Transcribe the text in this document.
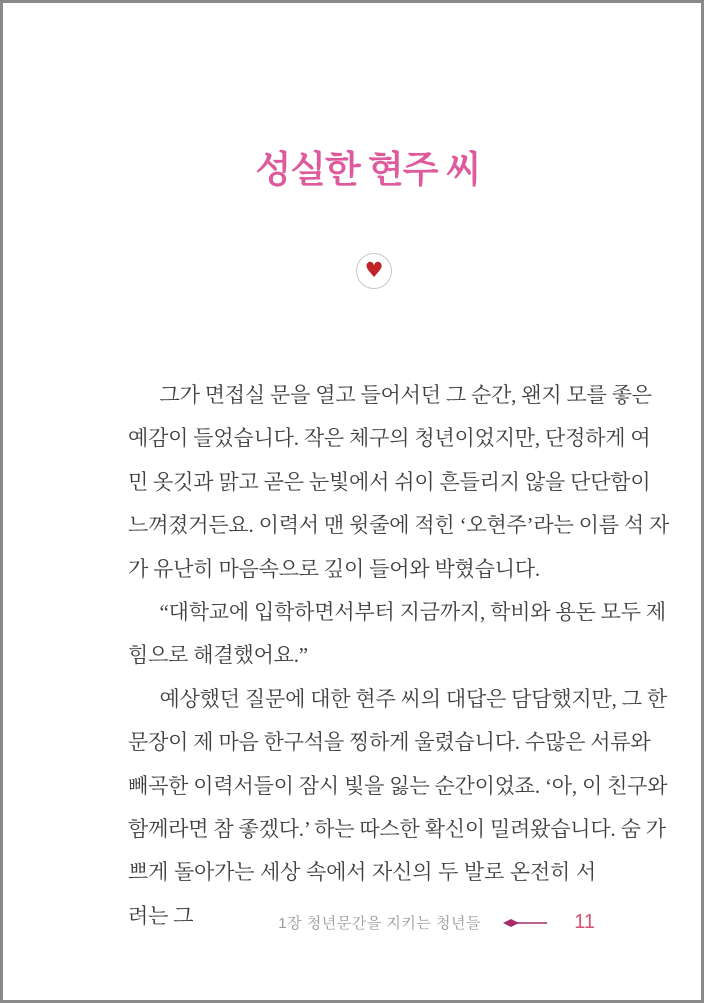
성실한 현주 씨
♥
그가 면접실 문을 열고 들어서던 그 순간, 왠지 모를 좋은
예감이 들었습니다. 작은 체구의 청년이었지만, 단정하게 여
민 옷깃과 맑고 곧은 눈빛에서 쉬이 흔들리지 않을 단단함이
느껴졌거든요. 이력서 맨 윗줄에 적힌 ‘오현주’라는 이름 석 자
가 유난히 마음속으로 깊이 들어와 박혔습니다.
“대학교에 입학하면서부터 지금까지, 학비와 용돈 모두 제
힘으로 해결했어요.”
예상했던 질문에 대한 현주 씨의 대답은 담담했지만, 그 한
문장이 제 마음 한구석을 찡하게 울렸습니다. 수많은 서류와
빼곡한 이력서들이 잠시 빛을 잃는 순간이었죠. ‘아, 이 친구와
함께라면 참 좋겠다.’ 하는 따스한 확신이 밀려왔습니다. 숨 가
쁘게 돌아가는 세상 속에서 자신의 두 발로 온전히 서려는 그	1장 청년문간을 지키는 청년들	11
